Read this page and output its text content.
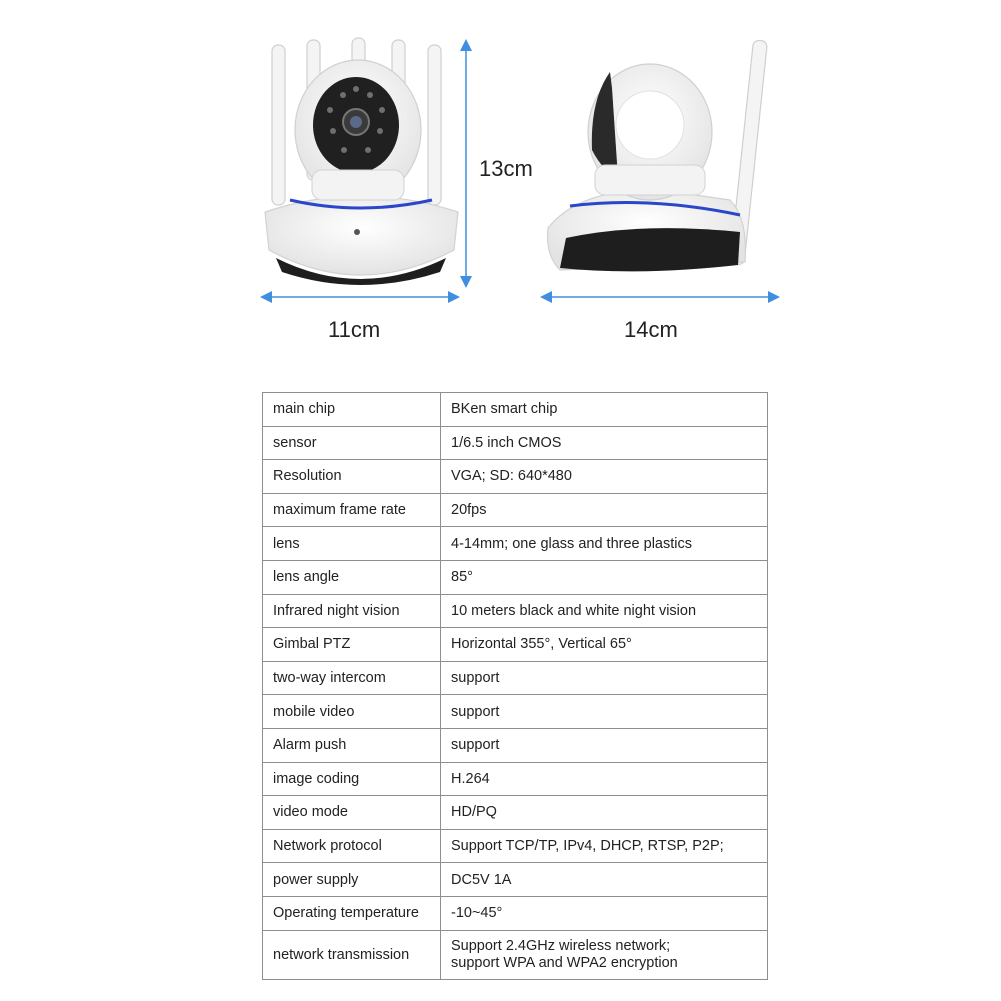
13cm
11cm	14cm
main chip	BKen smart chip
sensor	1/6.5 inch CMOS
Resolution	VGA; SD: 640*480
maximum frame rate	20fps
lens	4-14mm; one glass and three plastics
lens angle	85°
Infrared night vision	10 meters black and white night vision
Gimbal PTZ	Horizontal 355°, Vertical 65°
two-way intercom	support
mobile video	support
Alarm push	support
image coding	H.264
video mode	HD/PQ
Network protocol	Support TCP/TP, IPv4, DHCP, RTSP, P2P;
power supply	DC5V 1A
Operating temperature	-10~45°
network transmission	Support 2.4GHz wireless network;
support WPA and WPA2 encryption
